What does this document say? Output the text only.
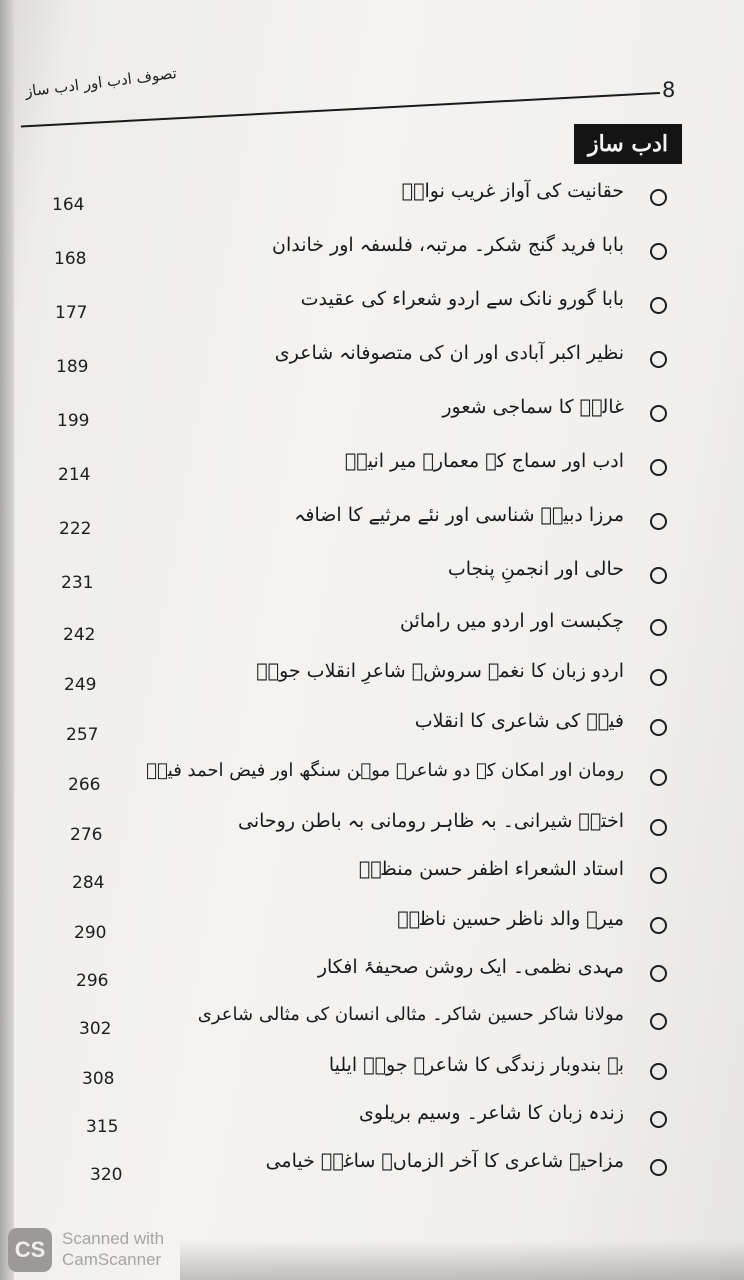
8
تصوف ادب اور ادب ساز
ادب ساز
حقانیت کی آواز غریب نوازؒ
164
بابا فرید گنج شکر۔ مرتبہ، فلسفہ اور خاندان
168
بابا گورو نانک سے اردو شعراء کی عقیدت
177
نظیر اکبر آبادی اور ان کی متصوفانہ شاعری
189
غالبؔ کا سماجی شعور
199
ادب اور سماج کے معمار۔ میر انیسؔ
214
مرزا دبیرؔ شناسی اور نئے مرثیے کا اضافہ
222
حالی اور انجمنِ پنجاب
231
چکبست اور اردو میں رامائن
242
اردو زبان کا نغمہ سروش۔ شاعرِ انقلاب جوشؔ
249
فیضؔ کی شاعری کا انقلاب
257
رومان اور امکان کے دو شاعر۔ موہن سنگھ اور فیض احمد فیضؔ
266
اخترؔ شیرانی۔ بہ ظاہر رومانی بہ باطن روحانی
276
استاد الشعراء اظفر حسن منظرؔ
284
میرے والد ناظر حسین ناظرؔ
290
مہدی نظمی۔ ایک روشن صحیفۂ افکار
296
مولانا شاکر حسین شاکر۔ مثالی انسان کی مثالی شاعری
302
بے بندوبار زندگی کا شاعر۔ جونؔ ایلیا
308
زندہ زبان کا شاعر۔ وسیم بریلوی
315
مزاحیہ شاعری کا آخر الزماں۔ ساغرؔ خیامی
320
CS Scanned with
CamScanner
